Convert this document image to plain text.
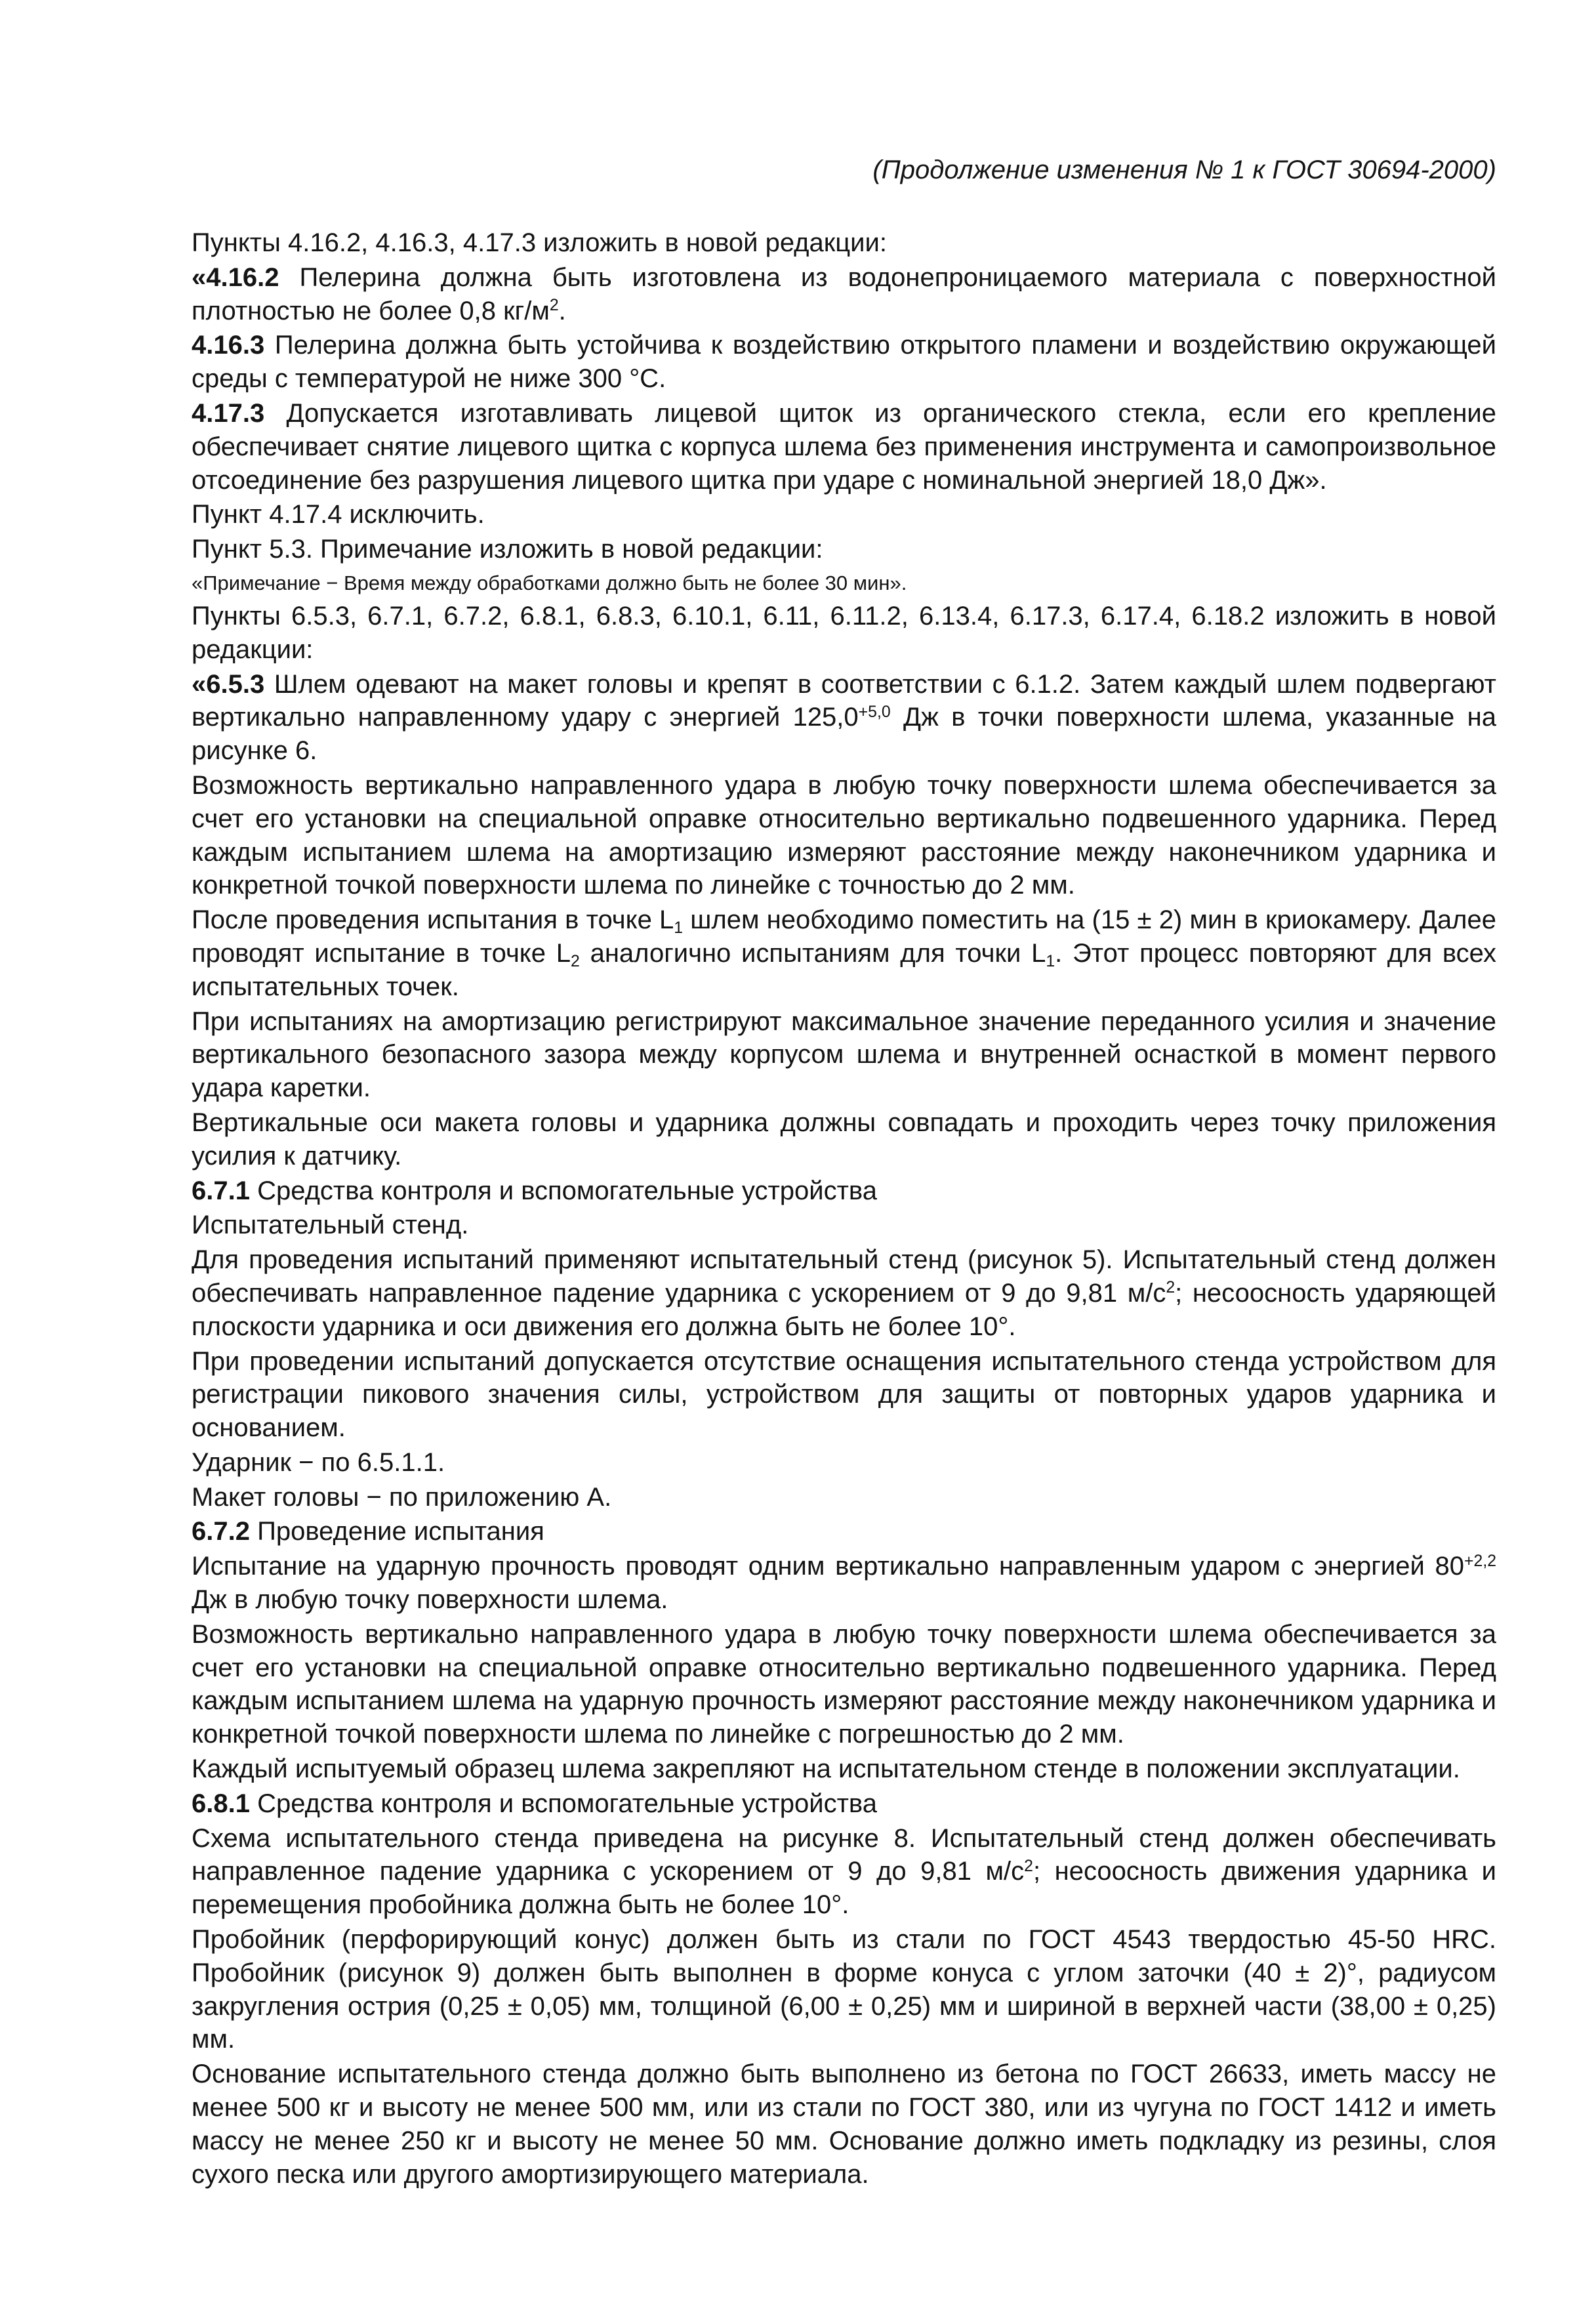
(Продолжение изменения № 1 к ГОСТ 30694-2000)

Пункты 4.16.2, 4.16.3, 4.17.3 изложить в новой редакции:

«4.16.2 Пелерина должна быть изготовлена из водонепроницаемого материала с поверхностной плотностью не более 0,8 $кг/м^2$.

4.16.3 Пелерина должна быть устойчива к воздействию открытого пламени и воздействию окружающей среды с температурой не ниже 300 °С.

4.17.3 Допускается изготавливать лицевой щиток из органического стекла, если его крепление обеспечивает снятие лицевого щитка с корпуса шлема без применения инструмента и самопроизвольное отсоединение без разрушения лицевого щитка при ударе с номинальной энергией 18,0 Дж».

Пункт 4.17.4 исключить.

Пункт 5.3. Примечание изложить в новой редакции:

«Примечание − Время между обработками должно быть не более 30 мин».

Пункты 6.5.3, 6.7.1, 6.7.2, 6.8.1, 6.8.3, 6.10.1, 6.11, 6.11.2, 6.13.4, 6.17.3, 6.17.4, 6.18.2 изложить в новой редакции:

«6.5.3 Шлем одевают на макет головы и крепят в соответствии с 6.1.2. Затем каждый шлем подвергают вертикально направленному удару с энергией $125,0^{+5,0}$ Дж в точки поверхности шлема, указанные на рисунке 6.

Возможность вертикально направленного удара в любую точку поверхности шлема обеспечивается за счет его установки на специальной оправке относительно вертикально подвешенного ударника. Перед каждым испытанием шлема на амортизацию измеряют расстояние между наконечником ударника и конкретной точкой поверхности шлема по линейке с точностью до 2 мм.

После проведения испытания в точке L1 шлем необходимо поместить на (15 ± 2) мин в криокамеру. Далее проводят испытание в точке L2 аналогично испытаниям для точки L1. Этот процесс повторяют для всех испытательных точек.

При испытаниях на амортизацию регистрируют максимальное значение переданного усилия и значение вертикального безопасного зазора между корпусом шлема и внутренней оснасткой в момент первого удара каретки.

Вертикальные оси макета головы и ударника должны совпадать и проходить через точку приложения усилия к датчику.

6.7.1 Средства контроля и вспомогательные устройства

Испытательный стенд.

Для проведения испытаний применяют испытательный стенд (рисунок 5). Испытательный стенд должен обеспечивать направленное падение ударника с ускорением от 9 до 9,81 $м/с^2$; несоосность ударяющей плоскости ударника и оси движения его должна быть не более 10°.

При проведении испытаний допускается отсутствие оснащения испытательного стенда устройством для регистрации пикового значения силы, устройством для защиты от повторных ударов ударника и основанием.

Ударник − по 6.5.1.1.

Макет головы − по приложению А.

6.7.2 Проведение испытания

Испытание на ударную прочность проводят одним вертикально направленным ударом с энергией $80^{+2,2}$ Дж в любую точку поверхности шлема.

Возможность вертикально направленного удара в любую точку поверхности шлема обеспечивается за счет его установки на специальной оправке относительно вертикально подвешенного ударника. Перед каждым испытанием шлема на ударную прочность измеряют расстояние между наконечником ударника и конкретной точкой поверхности шлема по линейке с погрешностью до 2 мм.

Каждый испытуемый образец шлема закрепляют на испытательном стенде в положении эксплуатации.

6.8.1 Средства контроля и вспомогательные устройства

Схема испытательного стенда приведена на рисунке 8. Испытательный стенд должен обеспечивать направленное падение ударника с ускорением от 9 до 9,81 $м/с^2$; несоосность движения ударника и перемещения пробойника должна быть не более 10°.

Пробойник (перфорирующий конус) должен быть из стали по ГОСТ 4543 твердостью 45-50 HRC. Пробойник (рисунок 9) должен быть выполнен в форме конуса с углом заточки (40 ± 2)°, радиусом закругления острия (0,25 ± 0,05) мм, толщиной (6,00 ± 0,25) мм и шириной в верхней части (38,00 ± 0,25) мм.

Основание испытательного стенда должно быть выполнено из бетона по ГОСТ 26633, иметь массу не менее 500 кг и высоту не менее 500 мм, или из стали по ГОСТ 380, или из чугуна по ГОСТ 1412 и иметь массу не менее 250 кг и высоту не менее 50 мм. Основание должно иметь подкладку из резины, слоя сухого песка или другого амортизирующего материала.
